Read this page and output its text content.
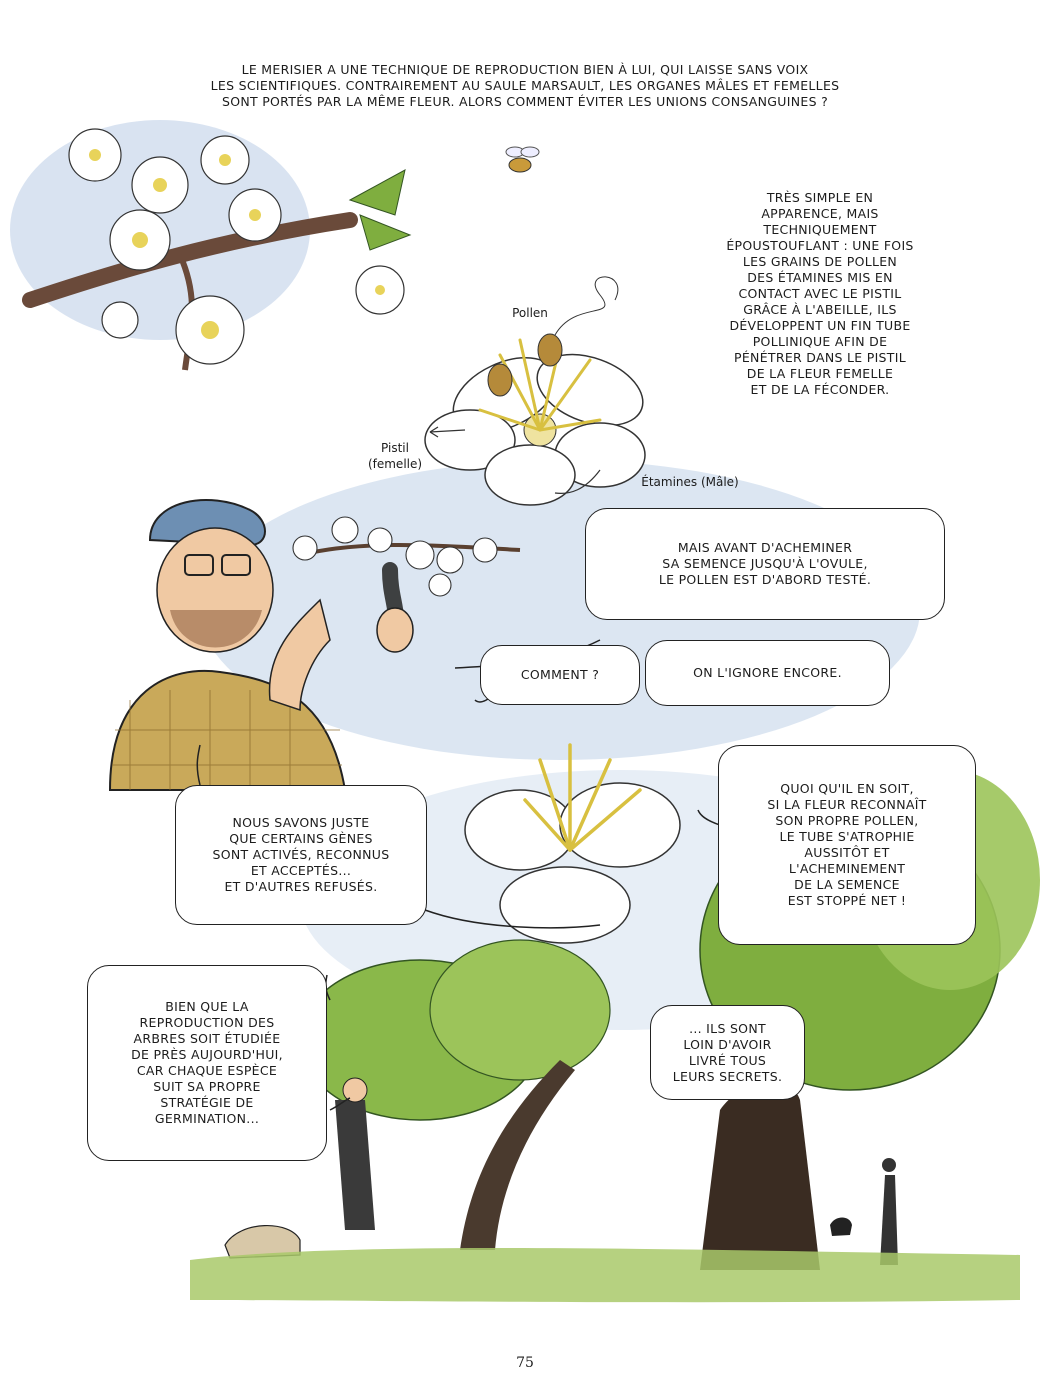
LE MERISIER A UNE TECHNIQUE DE REPRODUCTION BIEN À LUI, QUI LAISSE SANS VOIX
LES SCIENTIFIQUES. CONTRAIREMENT AU SAULE MARSAULT, LES ORGANES MÂLES ET FEMELLES
SONT PORTÉS PAR LA MÊME FLEUR. ALORS COMMENT ÉVITER LES UNIONS CONSANGUINES ?
TRÈS SIMPLE EN
APPARENCE, MAIS
TECHNIQUEMENT
ÉPOUSTOUFLANT : UNE FOIS
LES GRAINS DE POLLEN
DES ÉTAMINES MIS EN
CONTACT AVEC LE PISTIL
GRÂCE À L'ABEILLE, ILS
DÉVELOPPENT UN FIN TUBE
POLLINIQUE AFIN DE
PÉNÉTRER DANS LE PISTIL
DE LA FLEUR FEMELLE
ET DE LA FÉCONDER.
Pollen
Pistil
(femelle)
Étamines (Mâle)
MAIS AVANT D'ACHEMINER
SA SEMENCE JUSQU'À L'OVULE,
LE POLLEN EST D'ABORD TESTÉ.
COMMENT ?	ON L'IGNORE ENCORE.
NOUS SAVONS JUSTE
QUE CERTAINS GÈNES
SONT ACTIVÉS, RECONNUS
ET ACCEPTÉS...
ET D'AUTRES REFUSÉS.
QUOI QU'IL EN SOIT,
SI LA FLEUR RECONNAÎT
SON PROPRE POLLEN,
LE TUBE S'ATROPHIE
AUSSITÔT ET
L'ACHEMINEMENT
DE LA SEMENCE
EST STOPPÉ NET !
BIEN QUE LA
REPRODUCTION DES
ARBRES SOIT ÉTUDIÉE
DE PRÈS AUJOURD'HUI,
CAR CHAQUE ESPÈCE
SUIT SA PROPRE
STRATÉGIE DE
GERMINATION...
... ILS SONT
LOIN D'AVOIR
LIVRÉ TOUS
LEURS SECRETS.
75
